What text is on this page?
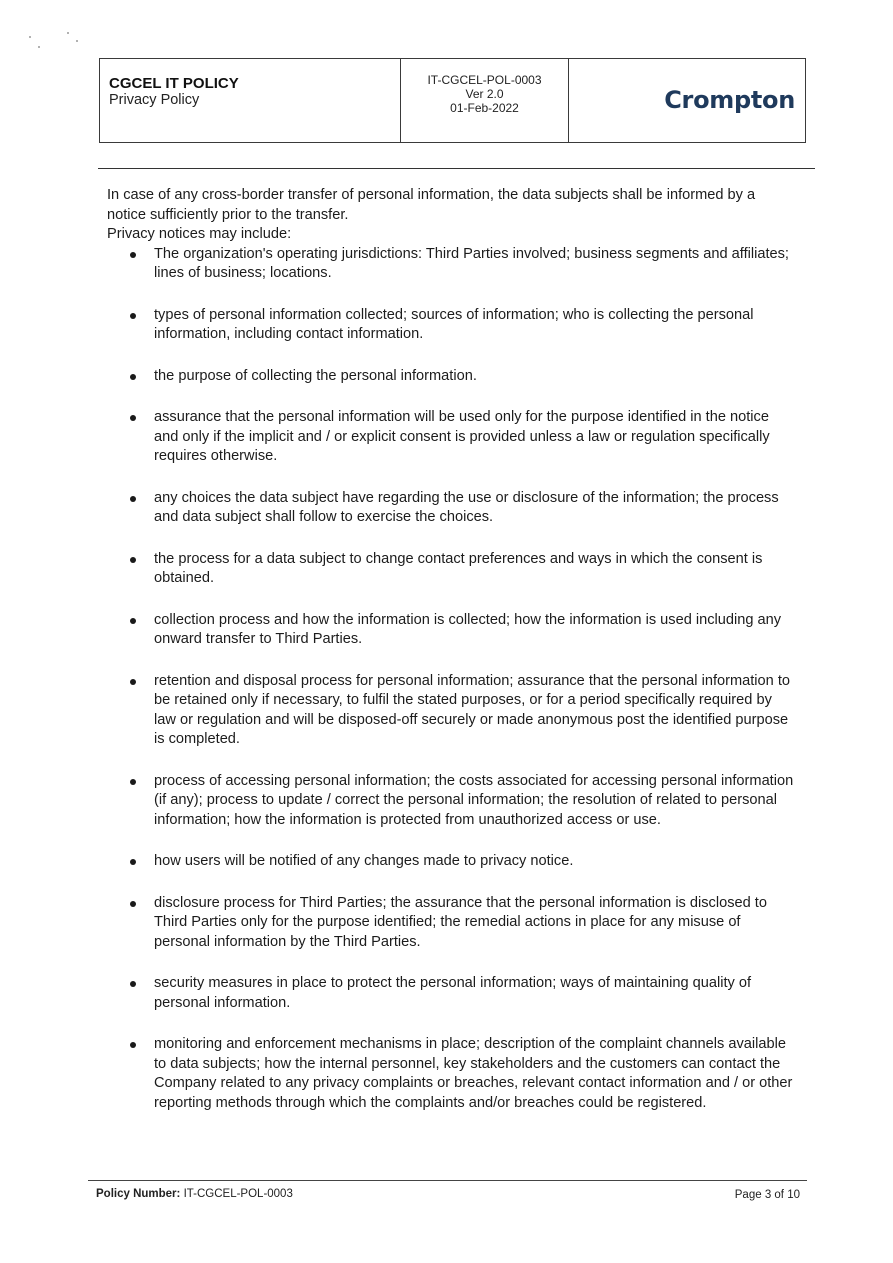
CGCEL IT POLICY
Privacy Policy
IT-CGCEL-POL-0003
Ver 2.0
01-Feb-2022	Crompton

In case of any cross-border transfer of personal information, the data subjects shall be informed by a notice sufficiently prior to the transfer.

Privacy notices may include:

The organization's operating jurisdictions: Third Parties involved; business segments and affiliates; lines of business; locations.
types of personal information collected; sources of information; who is collecting the personal information, including contact information.
the purpose of collecting the personal information.
assurance that the personal information will be used only for the purpose identified in the notice and only if the implicit and / or explicit consent is provided unless a law or regulation specifically requires otherwise.
any choices the data subject have regarding the use or disclosure of the information; the process and data subject shall follow to exercise the choices.
the process for a data subject to change contact preferences and ways in which the consent is obtained.
collection process and how the information is collected; how the information is used including any onward transfer to Third Parties.
retention and disposal process for personal information; assurance that the personal information to be retained only if necessary, to fulfil the stated purposes, or for a period specifically required by law or regulation and will be disposed-off securely or made anonymous post the identified purpose is completed.
process of accessing personal information; the costs associated for accessing personal information (if any); process to update / correct the personal information; the resolution of related to personal information; how the information is protected from unauthorized access or use.
how users will be notified of any changes made to privacy notice.
disclosure process for Third Parties; the assurance that the personal information is disclosed to Third Parties only for the purpose identified; the remedial actions in place for any misuse of personal information by the Third Parties.
security measures in place to protect the personal information; ways of maintaining quality of personal information.
monitoring and enforcement mechanisms in place; description of the complaint channels available to data subjects; how the internal personnel, key stakeholders and the customers can contact the Company related to any privacy complaints or breaches, relevant contact information and / or other reporting methods through which the complaints and/or breaches could be registered.
Policy Number: IT-CGCEL-POL-0003	Page 3 of 10
